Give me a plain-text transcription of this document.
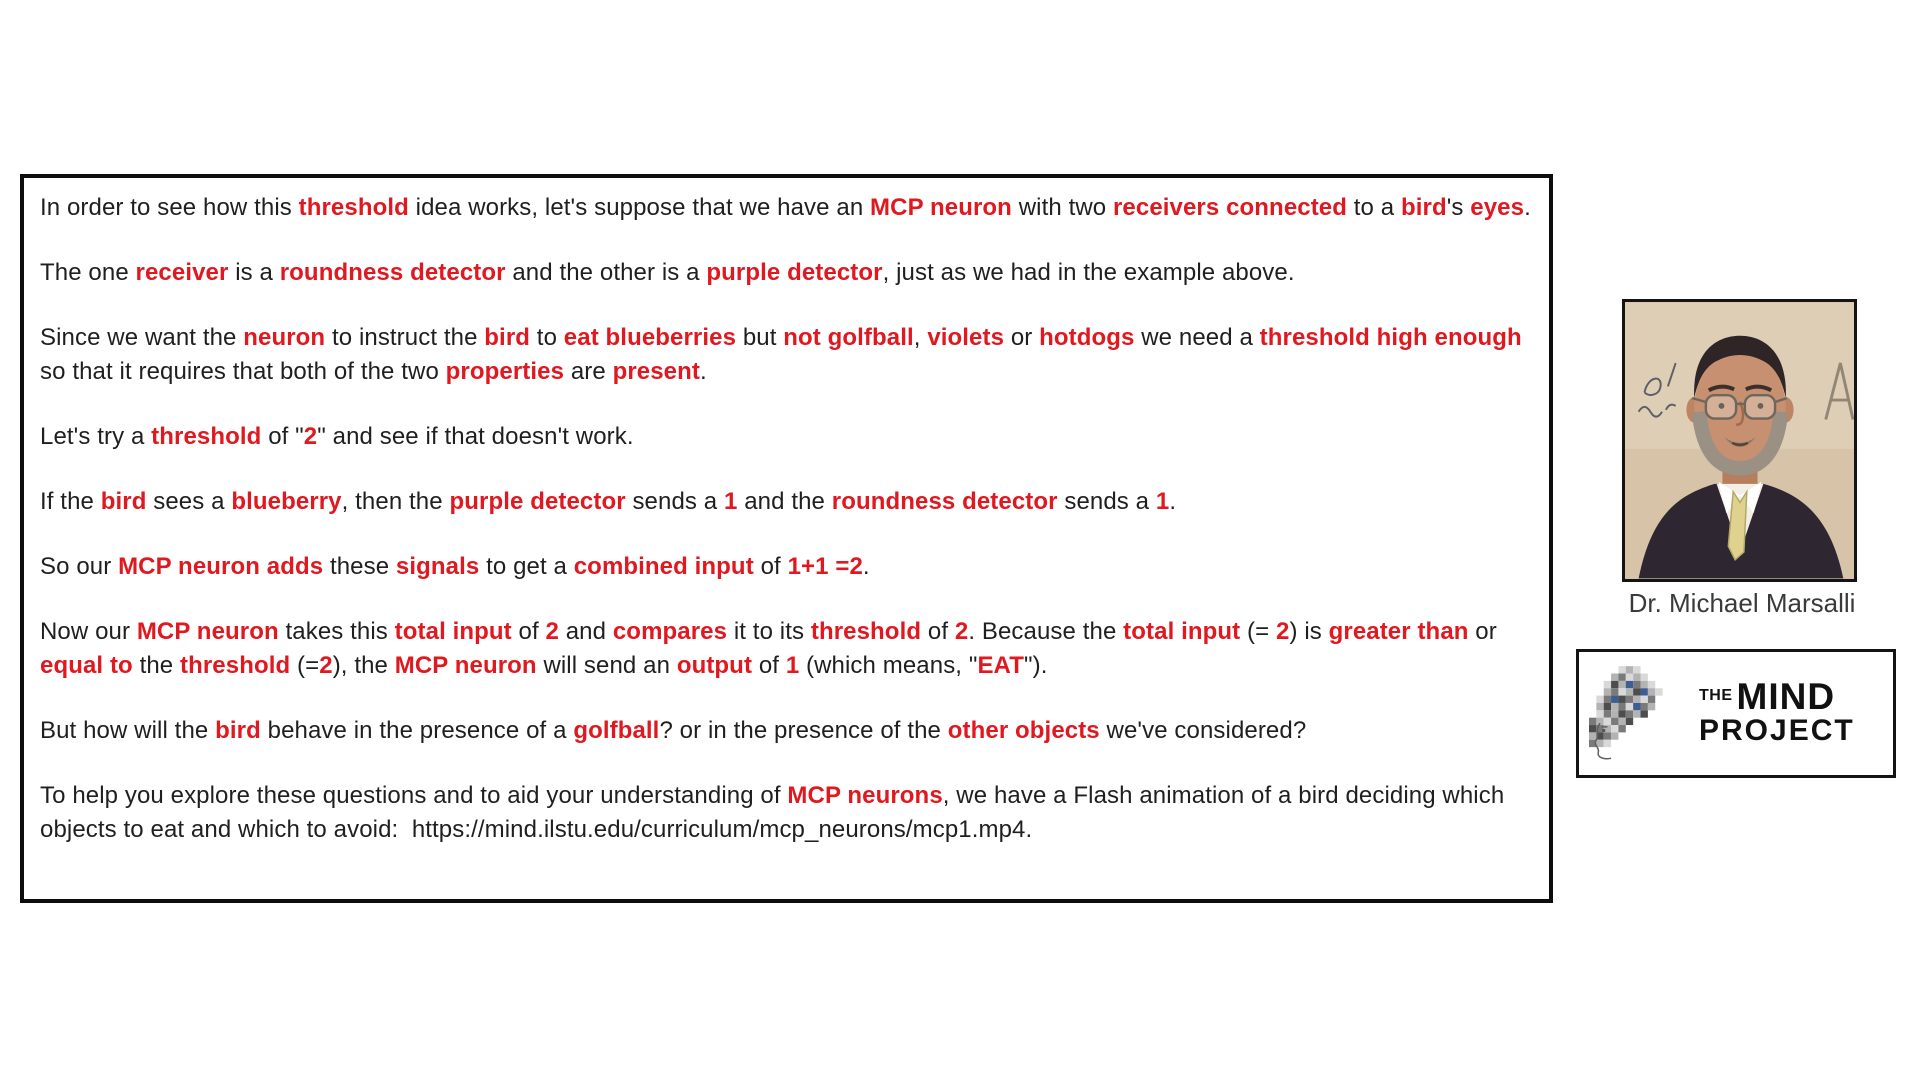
In order to see how this threshold idea works, let's suppose that we have an MCP neuron with two receivers connected to a bird's eyes.

The one receiver is a roundness detector and the other is a purple detector, just as we had in the example above.

Since we want the neuron to instruct the bird to eat blueberries but not golfball, violets or hotdogs we need a threshold high enough so that it requires that both of the two properties are present.

Let's try a threshold of "2" and see if that doesn't work.

If the bird sees a blueberry, then the purple detector sends a 1 and the roundness detector sends a 1.

So our MCP neuron adds these signals to get a combined input of 1+1 =2.

Now our MCP neuron takes this total input of 2 and compares it to its threshold of 2. Because the total input (= 2) is greater than or equal to the threshold (=2), the MCP neuron will send an output of 1 (which means, "EAT").

But how will the bird behave in the presence of a golfball? or in the presence of the other objects we've considered?

To help you explore these questions and to aid your understanding of MCP neurons, we have a Flash animation of a bird deciding which objects to eat and which to avoid:  https://mind.ilstu.edu/curriculum/mcp_neurons/mcp1.mp4.

Dr. Michael Marsalli
THE MIND
PROJECT
